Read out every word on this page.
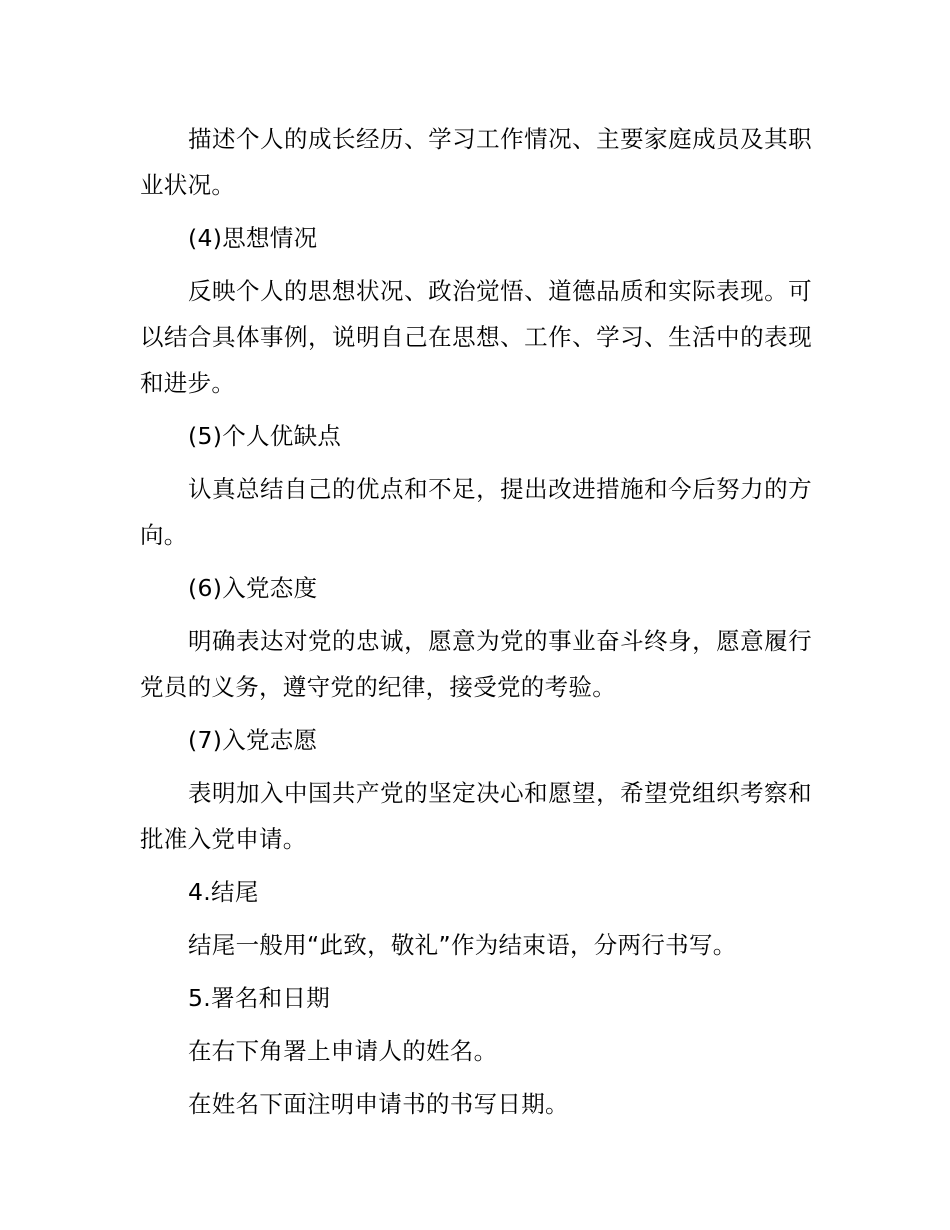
描述个人的成长经历、学习工作情况、主要家庭成员及其职业状况。

(4)思想情况

反映个人的思想状况、政治觉悟、道德品质和实际表现。可以结合具体事例，说明自己在思想、工作、学习、生活中的表现和进步。

(5)个人优缺点

认真总结自己的优点和不足，提出改进措施和今后努力的方向。

(6)入党态度

明确表达对党的忠诚，愿意为党的事业奋斗终身，愿意履行党员的义务，遵守党的纪律，接受党的考验。

(7)入党志愿

表明加入中国共产党的坚定决心和愿望，希望党组织考察和批准入党申请。

4.结尾

结尾一般用“此致，敬礼”作为结束语，分两行书写。

5.署名和日期

在右下角署上申请人的姓名。

在姓名下面注明申请书的书写日期。
